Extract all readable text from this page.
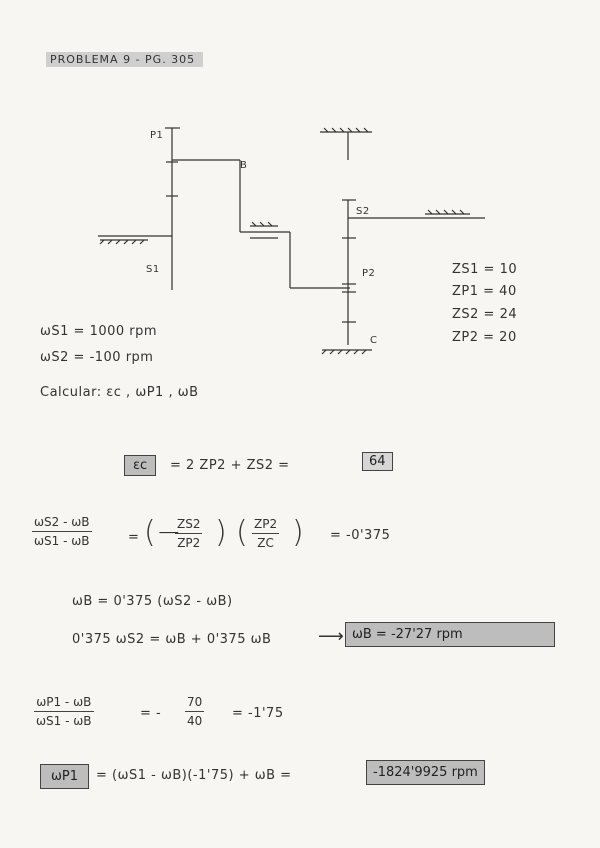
PROBLEMA 9 - PG. 305
P1
B
S2
S1	P2
C
ZS1 = 10
ZP1 = 40
ZS2 = 24
ZP2 = 20
ωS1 = 1000 rpm
ωS2 = -100 rpm
Calcular: εc , ωP1 , ωB
εc	= 2 ZP2 + ZS2 =	64
ωS2 - ωB
ωS1 - ωB	= (−
ZS2
ZP2 ) ( ZP2
ZC ) = -0'375
ωB = 0'375 (ωS2 - ωB)
0'375 ωS2 = ωB + 0'375 ωB	⟶ ωB = -27'27 rpm
ωP1 - ωB
ωS1 - ωB	= -
70
40 = -1'75
ωP1	= (ωS1 - ωB)(-1'75) + ωB =	-1824'9925 rpm
